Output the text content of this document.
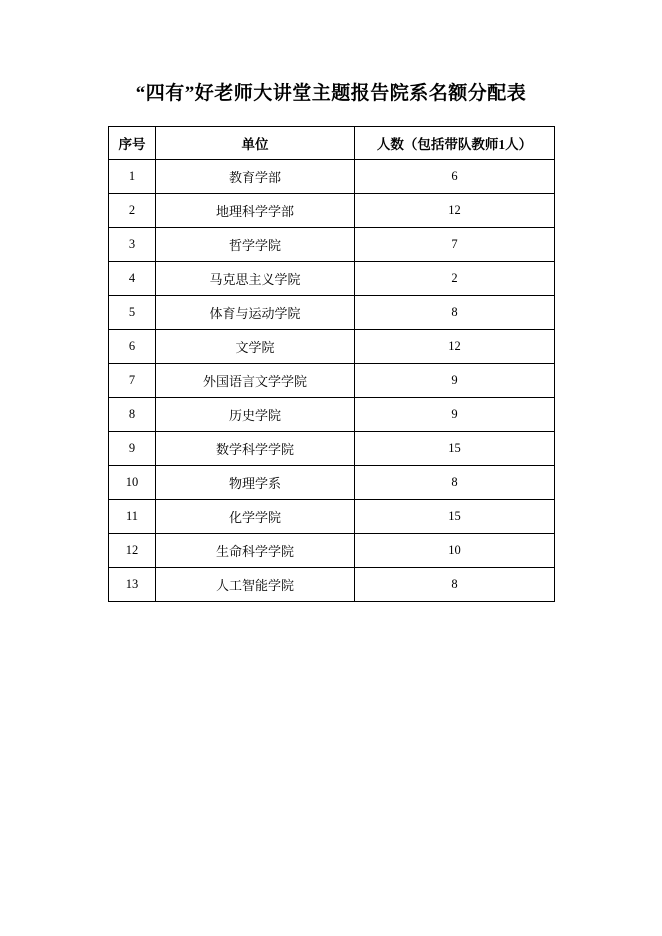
“四有”好老师大讲堂主题报告院系名额分配表
序号	单位	人数（包括带队教师1人）
1	教育学部	6
2	地理科学学部	12
3	哲学学院	7
4	马克思主义学院	2
5	体育与运动学院	8
6	文学院	12
7	外国语言文学学院	9
8	历史学院	9
9	数学科学学院	15
10	物理学系	8
11	化学学院	15
12	生命科学学院	10
13	人工智能学院	8
